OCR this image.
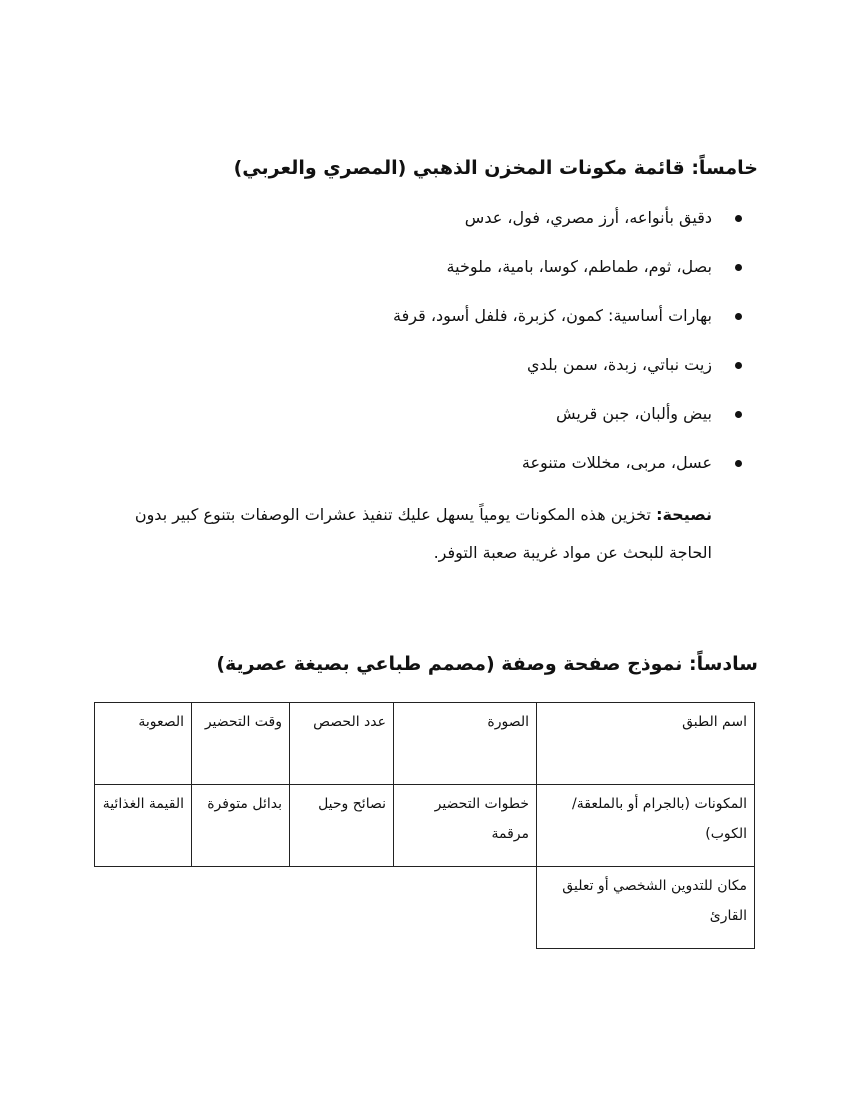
خامساً: قائمة مكونات المخزن الذهبي (المصري والعربي)
دقيق بأنواعه، أرز مصري، فول، عدس
بصل، ثوم، طماطم، كوسا، بامية، ملوخية
بهارات أساسية: كمون، كزبرة، فلفل أسود، قرفة
زيت نباتي، زبدة، سمن بلدي
بيض وألبان، جبن قريش
عسل، مربى، مخللات متنوعة

نصيحة: تخزين هذه المكونات يومياً يسهل عليك تنفيذ عشرات الوصفات بتنوع كبير بدون الحاجة للبحث عن مواد غريبة صعبة التوفر.

سادساً: نموذج صفحة وصفة (مصمم طباعي بصيغة عصرية)
اسم الطبق	الصورة	عدد الحصص	وقت التحضير	الصعوبة
المكونات (بالجرام أو بالملعقة/الكوب)	خطوات التحضير مرقمة	نصائح وحيل	بدائل متوفرة	القيمة الغذائية
مكان للتدوين الشخصي أو تعليق القارئ				
